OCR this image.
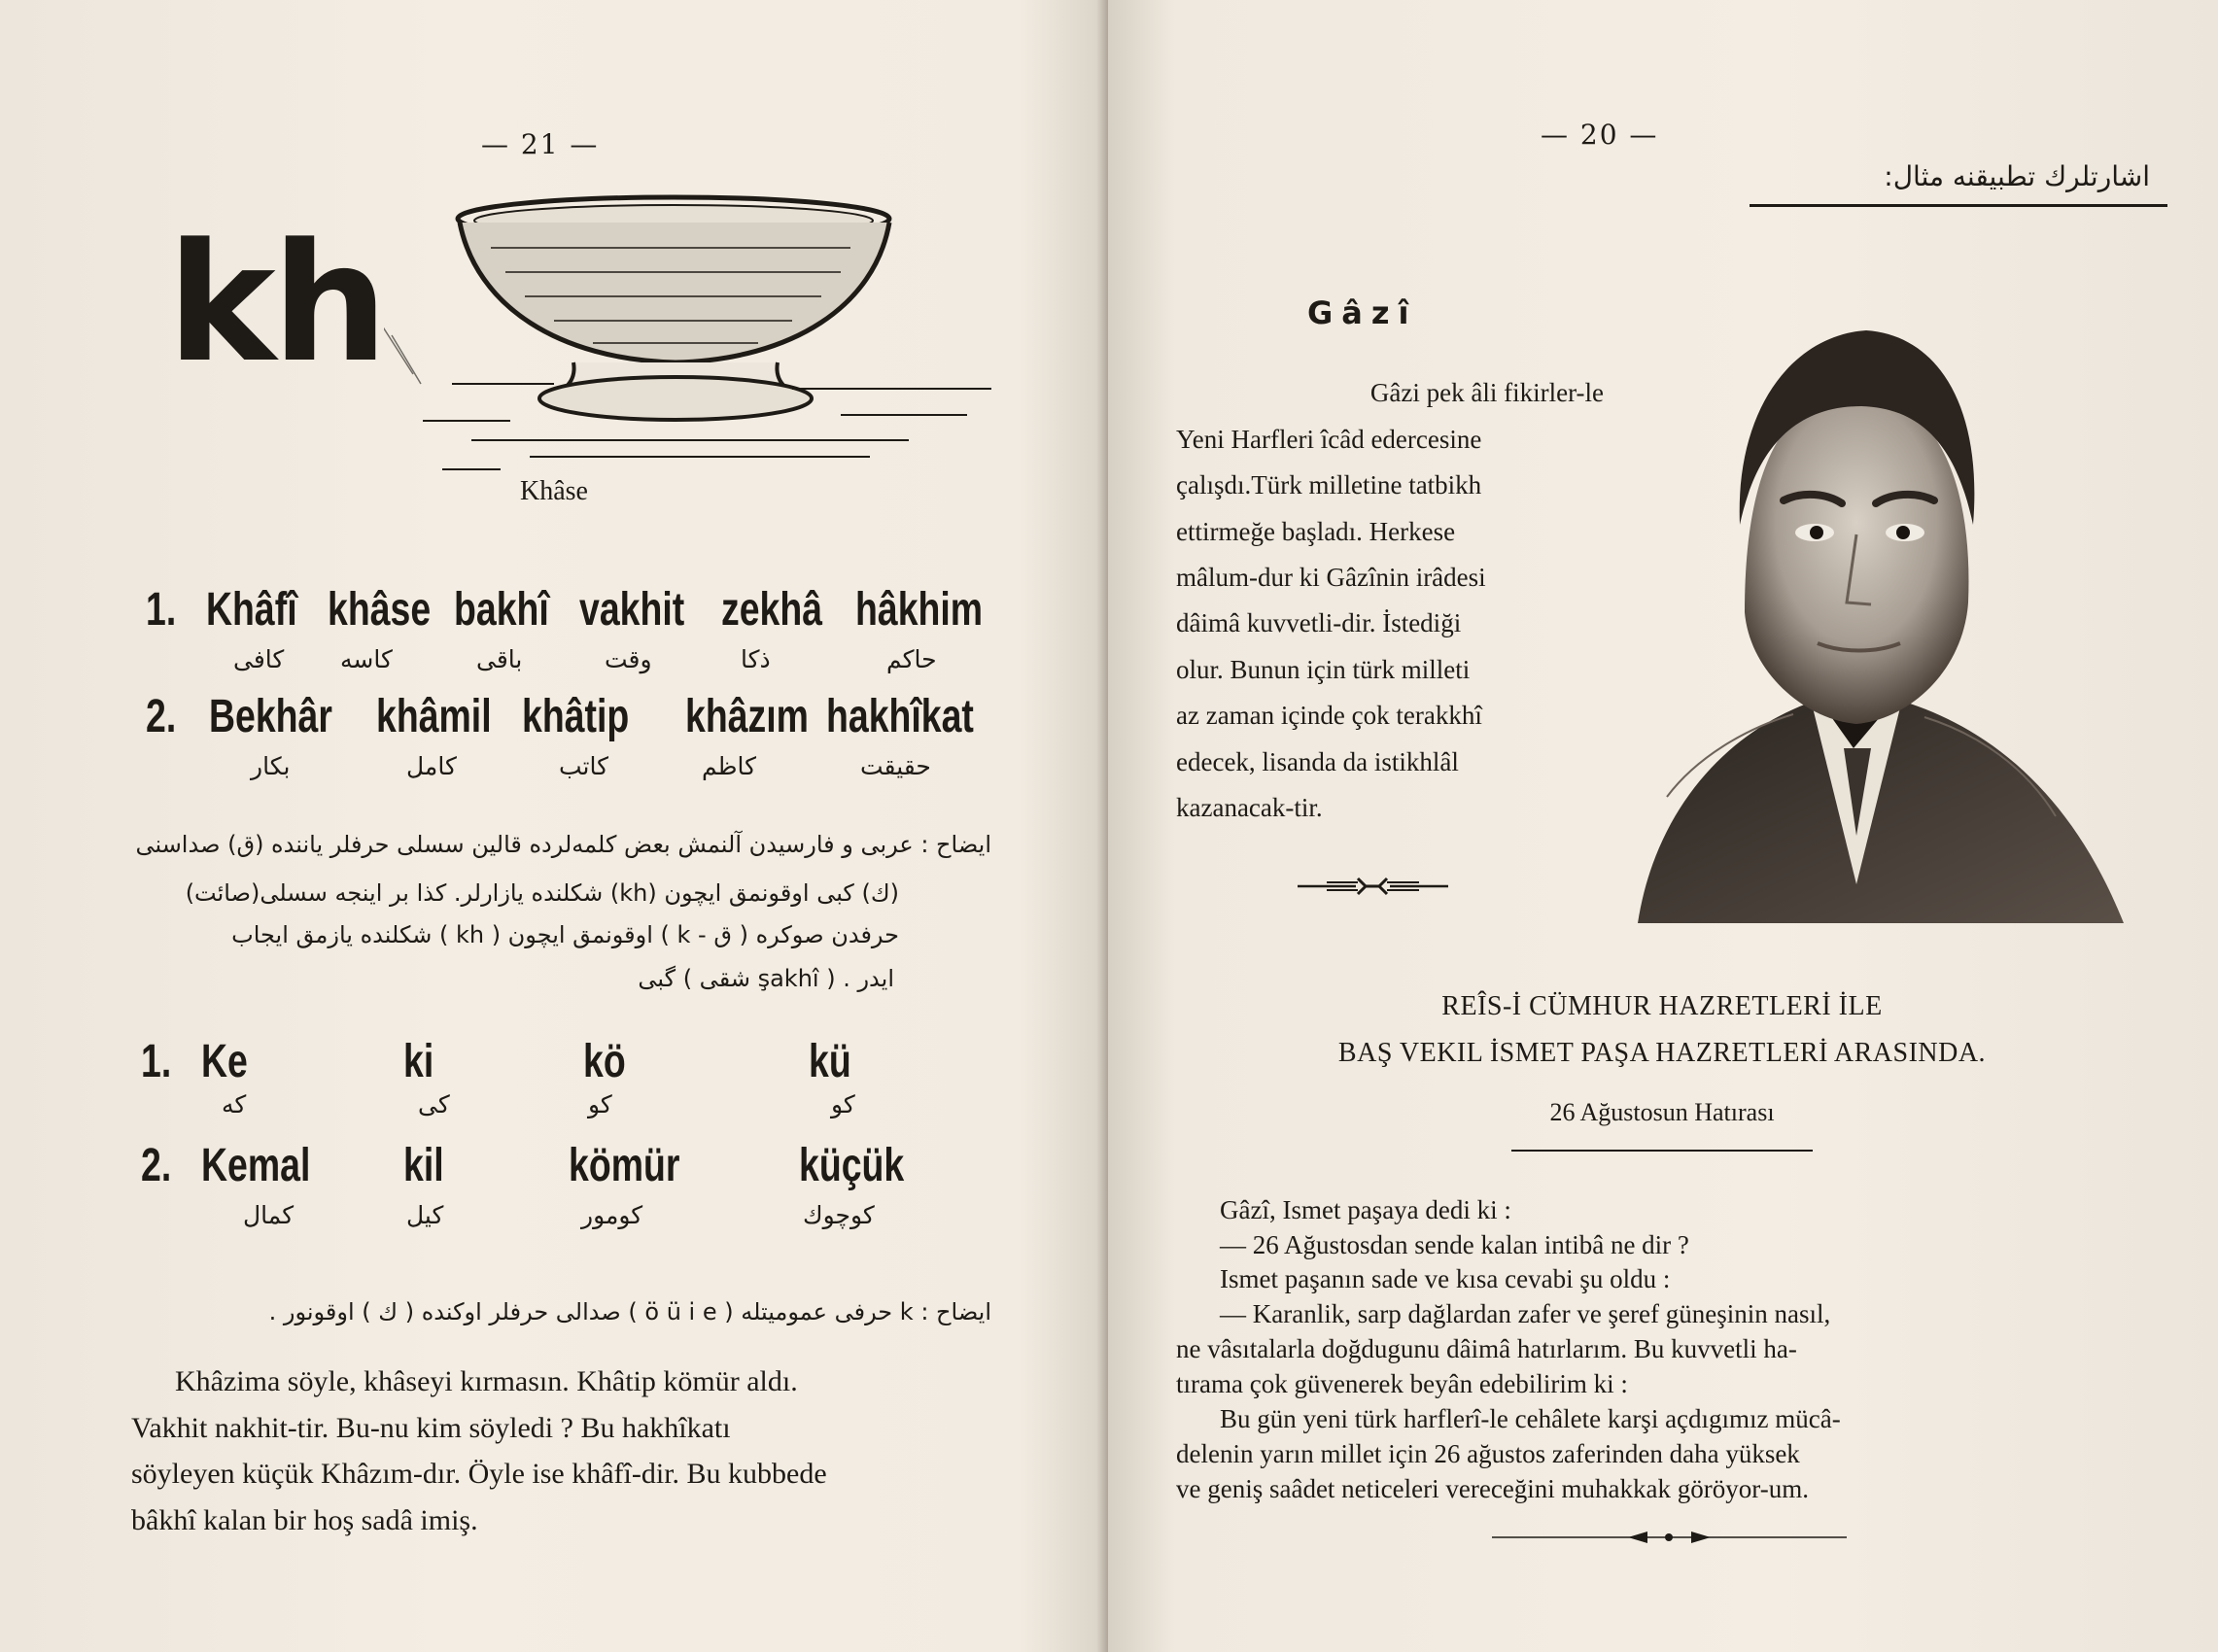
— 21 —
kh
Khâse
1. Khâfî khâse bakhî vakhit zekhâ hâkhim
كافى كاسه	باقى	وقت	ذكا	حاكم
2. Bekhâr khâmil khâtip khâzım hakhîkat
بكار	كامل	كاتب	كاظم	حقيقت
ايضاح : عربى و فارسيدن آلنمش بعض كلمه‌لرده قالين سسلى حرفلر يانندە (ق) صداسنى
(ك) كبى اوقونمق ايچون (kh) شكلنده يازارلر. كذا بر اينجه سسلى(صائت)
حرفدن صوكره ( ق - k ) اوقونمق ايچون ( kh ) شكلنده يازمق ايجاب
ايدر . ( şakhî شقى ) گبى
1. Ke	ki	kö	kü
كه	كى	كو	كو
2. Kemal kil	kömür	küçük
كمال	كيل	كومور	كوچوك
ايضاح : k حرفى عموميتله ( ö ü i e ) صدالى حرفلر اوكنده ( ك ) اوقونور .
Khâzima söyle, khâseyi kırmasın. Khâtip kömür aldı.
Vakhit nakhit-tir. Bu-nu kim söyledi ? Bu hakhîkatı
söyleyen küçük Khâzım-dır. Öyle ise khâfî-dir. Bu kubbede
bâkhî kalan bir hoş sadâ imiş.
— 20 —
اشارتلرك تطبيقنه مثال:
Gâzî
Gâzi pek âli fikirler-le
Yeni Harfleri îcâd edercesine
çalışdı.Türk milletine tatbikh
ettirmeğe başladı. Herkese
mâlum-dur ki Gâzînin irâdesi
dâimâ kuvvetli-dir. İstediği
olur. Bunun için türk milleti
az zaman içinde çok terakkhî
edecek, lisanda da istikhlâl
kazanacak-tir.
REÎS-İ CÜMHUR HAZRETLERİ İLE
BAŞ VEKIL İSMET PAŞA HAZRETLERİ ARASINDA.
26 Ağustosun Hatırası
Gâzî, Ismet paşaya dedi ki :
— 26 Ağustosdan sende kalan intibâ ne dir ?
Ismet paşanın sade ve kısa cevabi şu oldu :
— Karanlik, sarp dağlardan zafer ve şeref güneşinin nasıl,
ne vâsıtalarla doğdugunu dâimâ hatırlarım. Bu kuvvetli ha-
tırama çok güvenerek beyân edebilirim ki :
Bu gün yeni türk harflerî-le cehâlete karşi açdıgımız mücâ-
delenin yarın millet için 26 ağustos zaferinden daha yüksek
ve geniş saâdet neticeleri vereceğini muhakkak göröyor-um.
